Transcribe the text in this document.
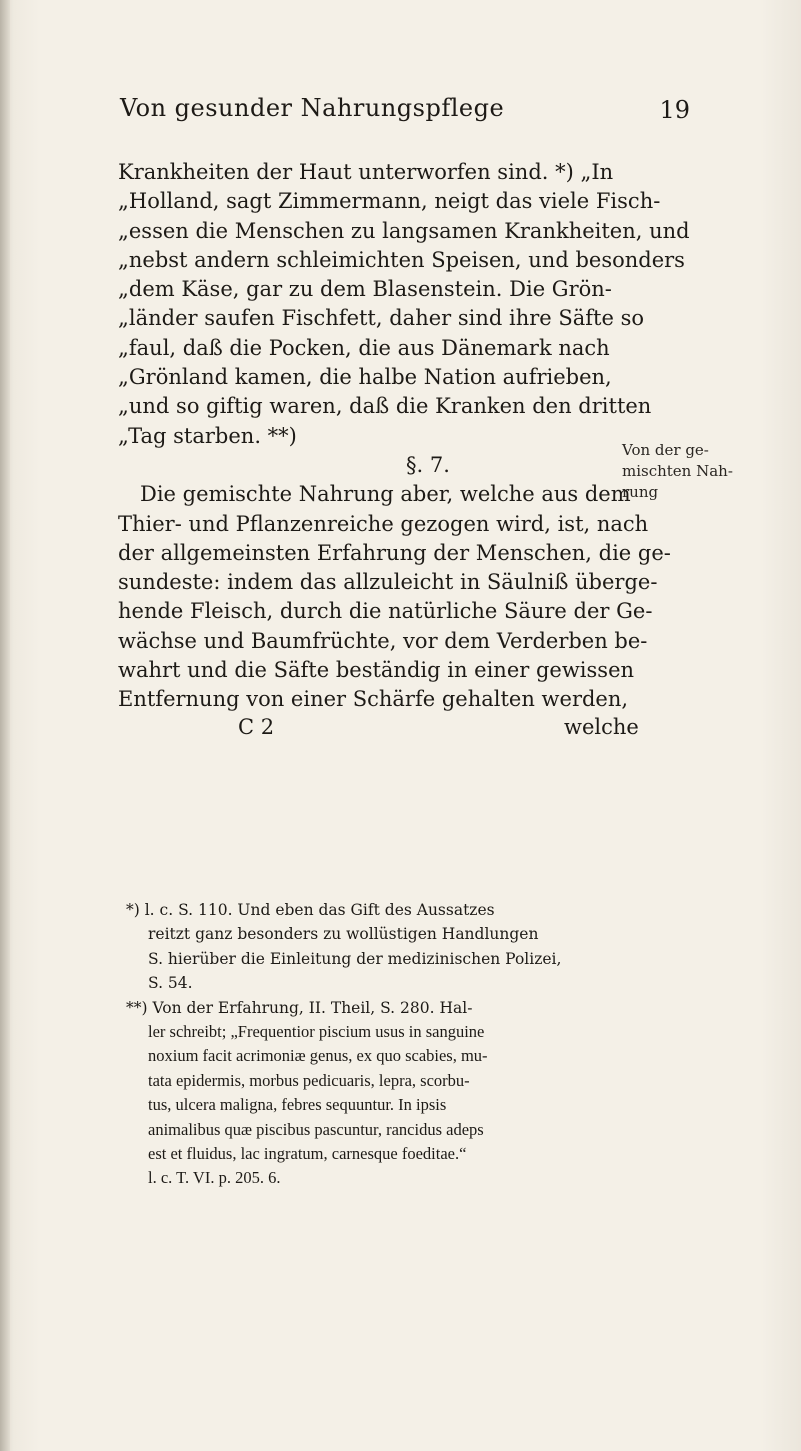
Von gesunder Nahrungspflege	19
Krankheiten der Haut unterworfen sind. *) „In
„Holland, sagt Zimmermann, neigt das viele Fisch-
„essen die Menschen zu langsamen Krankheiten, und
„nebst andern schleimichten Speisen, und besonders
„dem Käse, gar zu dem Blasenstein. Die Grön-
„länder saufen Fischfett, daher sind ihre Säfte so
„faul, daß die Pocken, die aus Dänemark nach
„Grönland kamen, die halbe Nation aufrieben,
„und so giftig waren, daß die Kranken den dritten
„Tag starben. **)
§. 7.
Die gemischte Nahrung aber, welche aus dem
Thier- und Pflanzenreiche gezogen wird, ist, nach
der allgemeinsten Erfahrung der Menschen, die ge-
sundeste: indem das allzuleicht in Säulniß überge-
hende Fleisch, durch die natürliche Säure der Ge-
wächse und Baumfrüchte, vor dem Verderben be-
wahrt und die Säfte beständig in einer gewissen
Entfernung von einer Schärfe gehalten werden,
C 2	welche
Von der ge-
mischten Nah-
rung
*) l. c. S. 110. Und eben das Gift des Aussatzes
reitzt ganz besonders zu wollüstigen Handlungen
S. hierüber die Einleitung der medizinischen Polizei,
S. 54.
**) Von der Erfahrung, II. Theil, S. 280. Hal-
ler schreibt; „Frequentior piscium usus in sanguine
noxium facit acrimoniæ genus, ex quo scabies, mu-
tata epidermis, morbus pedicuaris, lepra, scorbu-
tus, ulcera maligna, febres sequuntur. In ipsis
animalibus quæ piscibus pascuntur, rancidus adeps
est et fluidus, lac ingratum, carnesque foeditae.“
l. c. T. VI. p. 205. 6.
